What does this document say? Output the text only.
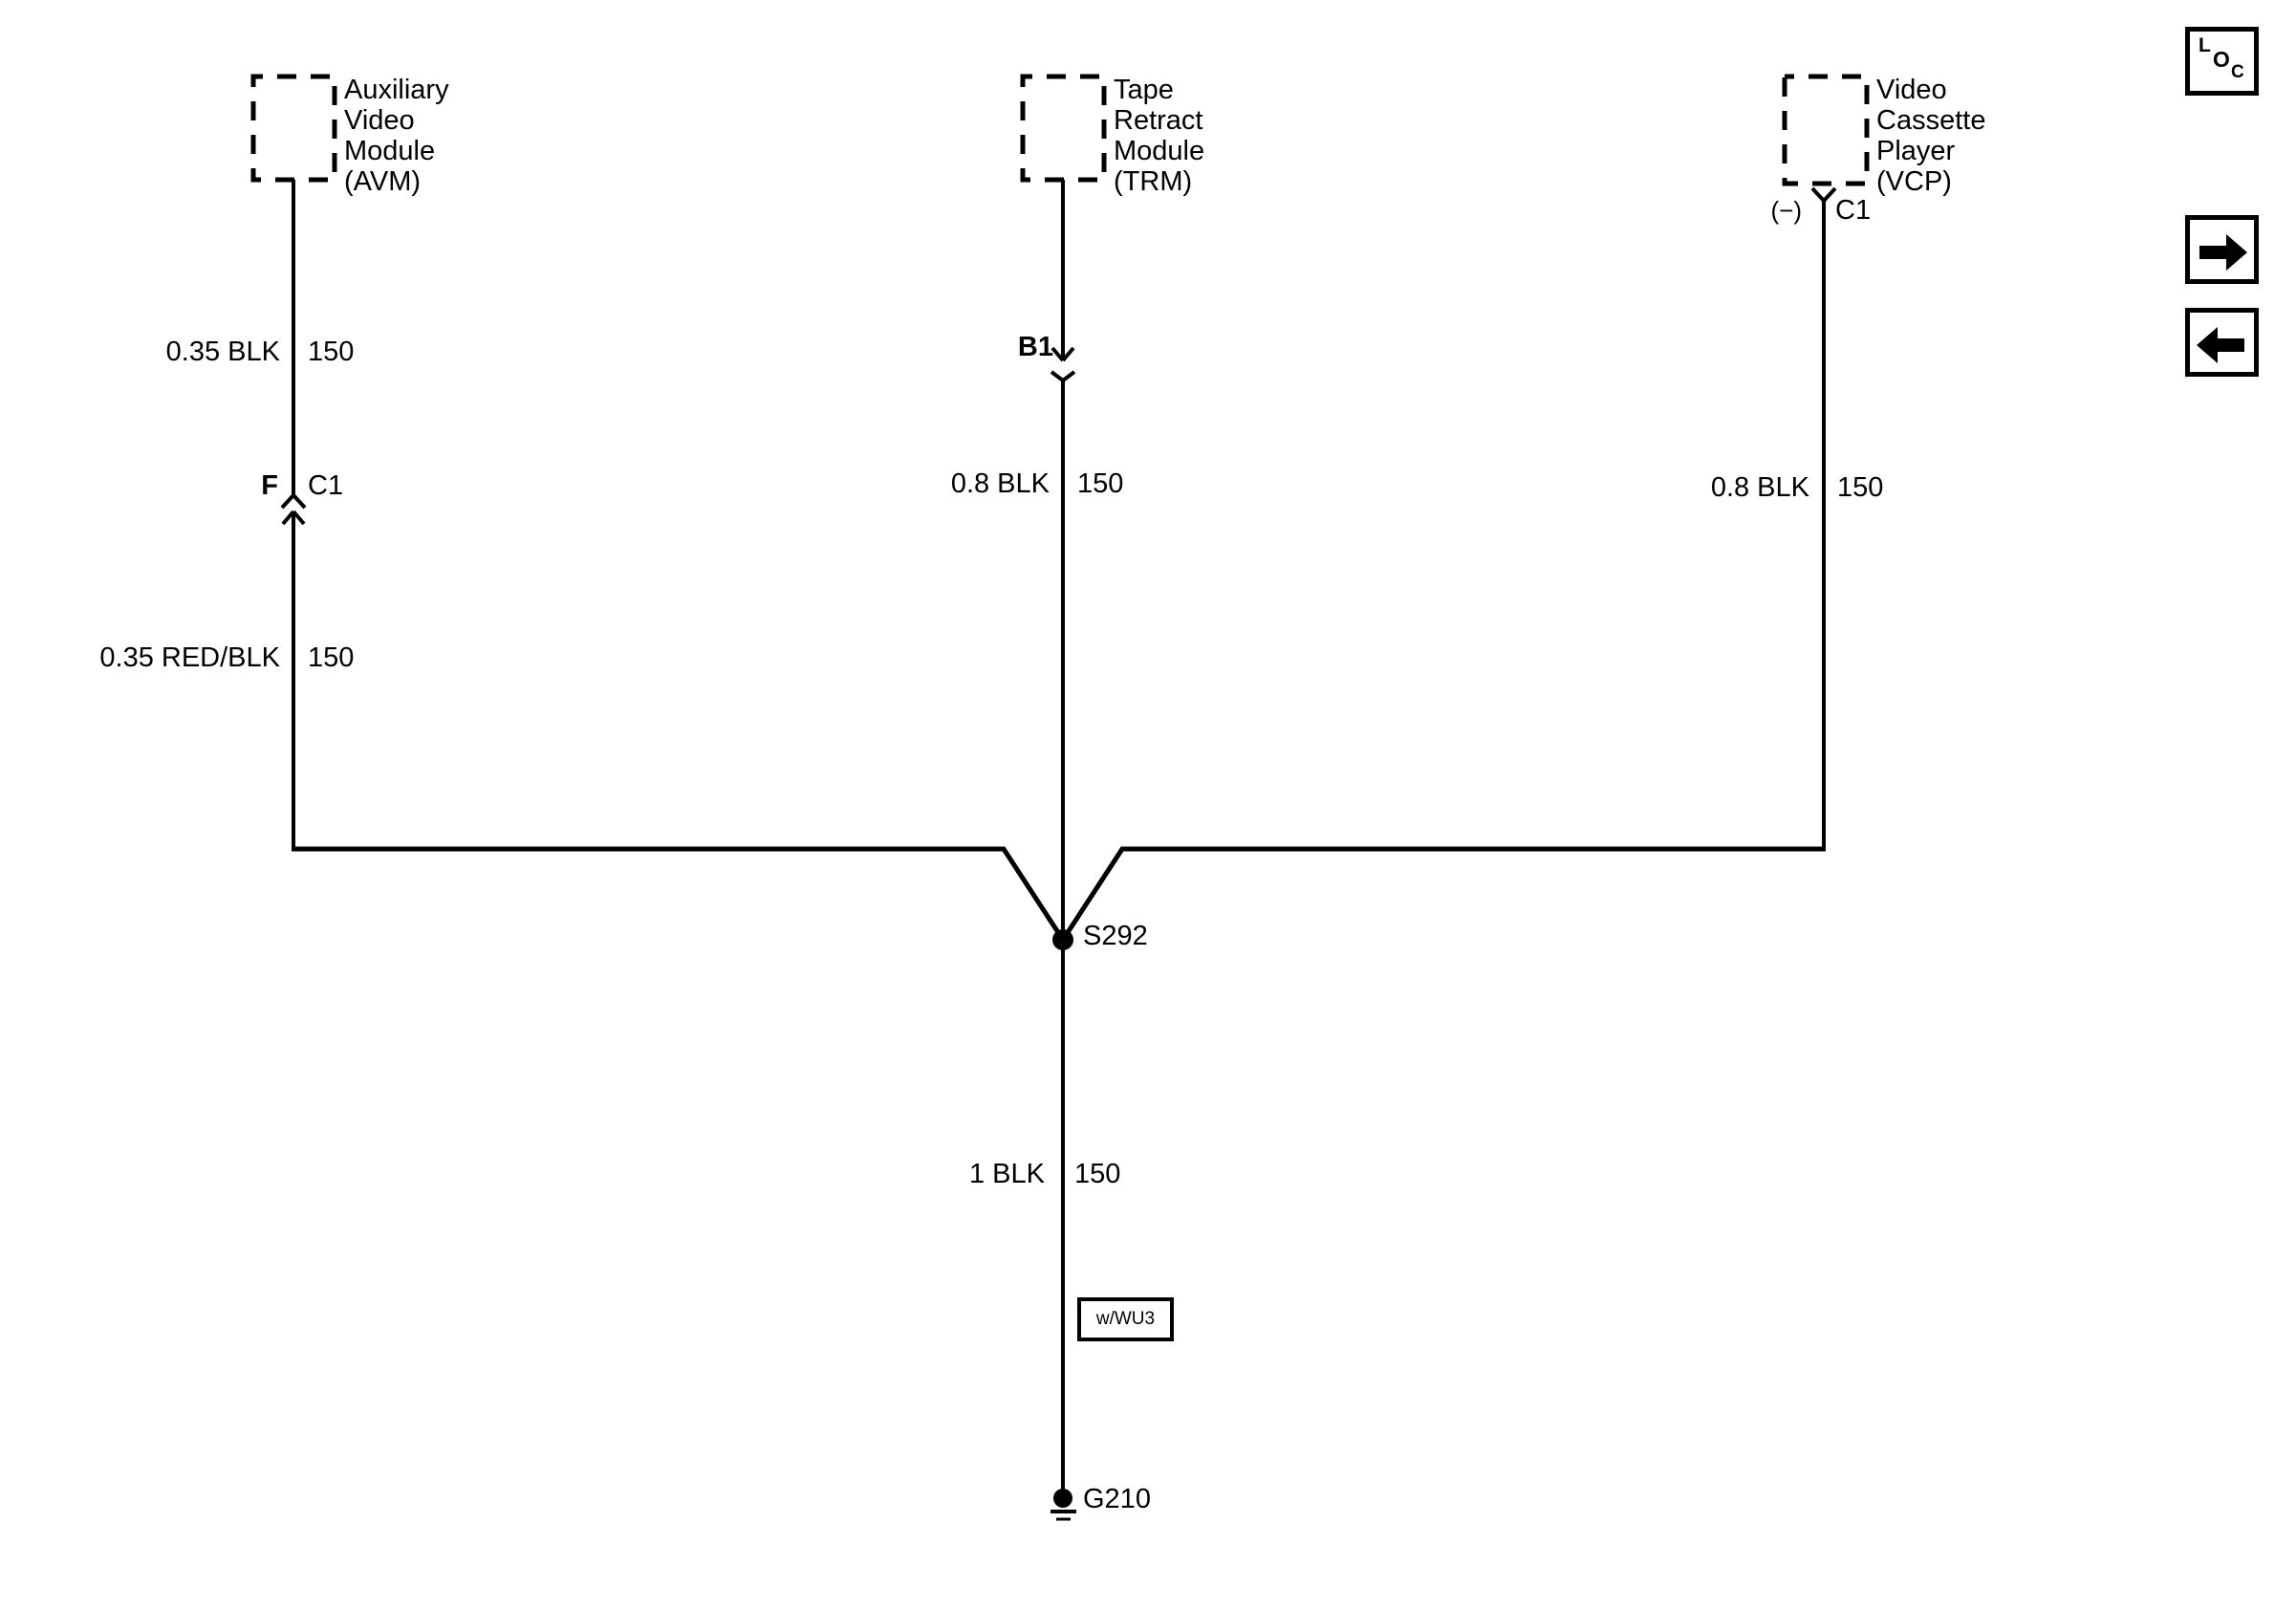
Auxiliary
Video
Module
(AVM)
Tape
Retract
Module
(TRM)
Video
Cassette
Player
(VCP)
(−) C1
0.35 BLK 150
F C1
0.35 RED/BLK 150
B1
0.8 BLK 150
S292
1 BLK 150
w/WU3
G210
0.8 BLK 150
L
O
C
